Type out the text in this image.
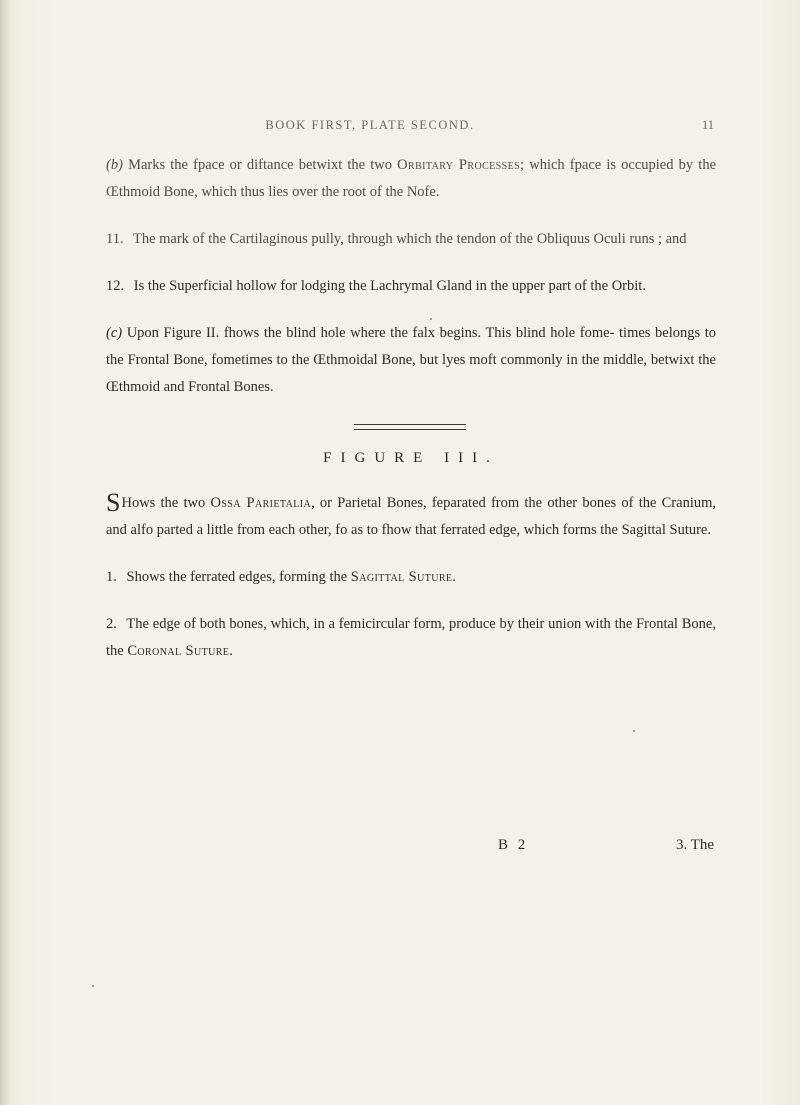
BOOK FIRST, PLATE SECOND.	11

(b) Marks the fpace or diftance betwixt the two Orbitary Processes; which fpace is occupied by the Œthmoid Bone, which thus lies over the root of the Nofe.

11. The mark of the Cartilaginous pully, through which the tendon of the Obliquus Oculi runs ; and

12. Is the Superficial hollow for lodging the Lachrymal Gland in the upper part of the Orbit.

(c) Upon Figure II. fhows the blind hole where the falx begins. This blind hole fome- times belongs to the Frontal Bone, fometimes to the Œthmoidal Bone, but lyes moft commonly in the middle, betwixt the Œthmoid and Frontal Bones.

FIGURE III.

S Hows the two Ossa Parietalia, or Parietal Bones, feparated from the other bones of the Cranium, and alfo parted a little from each other, fo as to fhow that ferrated edge, which forms the Sagittal Suture.

1. Shows the ferrated edges, forming the Sagittal Suture.

2. The edge of both bones, which, in a femicircular form, produce by their union with the Frontal Bone, the Coronal Suture.

B 2	3. The
